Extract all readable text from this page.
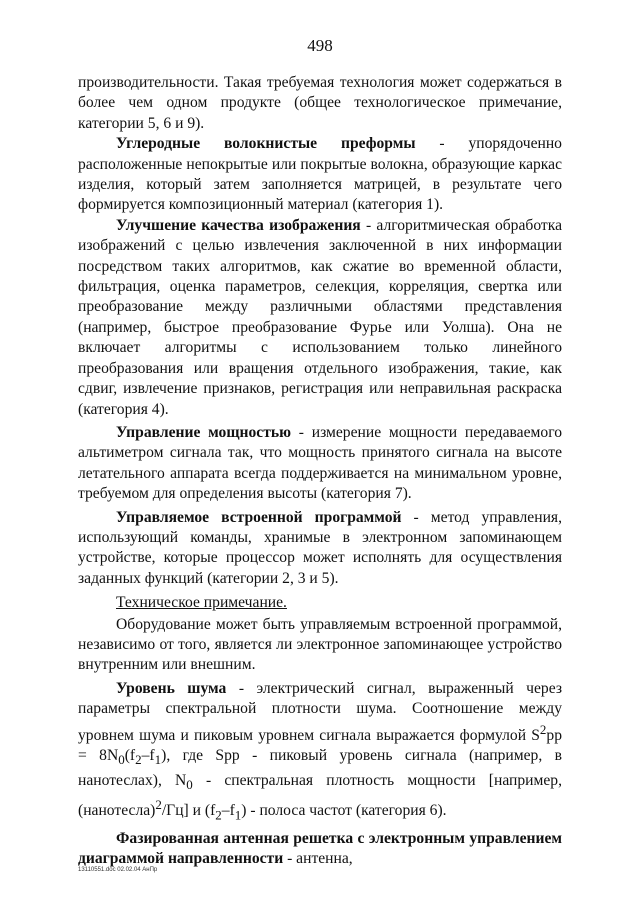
498

производительности. Такая требуемая технология может содержаться в более чем одном продукте (общее технологическое примечание, категории 5, 6 и 9).

Углеродные волокнистые преформы - упорядоченно расположенные непокрытые или покрытые волокна, образующие каркас изделия, который затем заполняется матрицей, в результате чего формируется композиционный материал (категория 1).

Улучшение качества изображения - алгоритмическая обработка изображений с целью извлечения заключенной в них информации посредством таких алгоритмов, как сжатие во временной области, фильтрация, оценка параметров, селекция, корреляция, свертка или преобразование между различными областями представления (например, быстрое преобразование Фурье или Уолша). Она не включает алгоритмы с использованием только линейного преобразования или вращения отдельного изображения, такие, как сдвиг, извлечение признаков, регистрация или неправильная раскраска (категория 4).

Управление мощностью - измерение мощности передаваемого альтиметром сигнала так, что мощность принятого сигнала на высоте летательного аппарата всегда поддерживается на минимальном уровне, требуемом для определения высоты (категория 7).

Управляемое встроенной программой - метод управления, использующий команды, хранимые в электронном запоминающем устройстве, которые процессор может исполнять для осуществления заданных функций (категории 2, 3 и 5).

Техническое примечание.

Оборудование может быть управляемым встроенной программой, независимо от того, является ли электронное запоминающее устройство внутренним или внешним.

Уровень шума - электрический сигнал, выраженный через параметры спектральной плотности шума. Соотношение между уровнем шума и пиковым уровнем сигнала выражается формулой $S^2pp = 8N_0(f_2-f_1)$, где Spp - пиковый уровень сигнала (например, в нанотеслах), $N_0$ - спектральная плотность мощности [например, (нанотесла)$^2$/Гц] и $(f_2-f_1)$ - полоса частот (категория 6).

Фазированная антенная решетка с электронным управлением диаграммой направленности - антенна,

13110551.doc 02.02.04 АнПр
